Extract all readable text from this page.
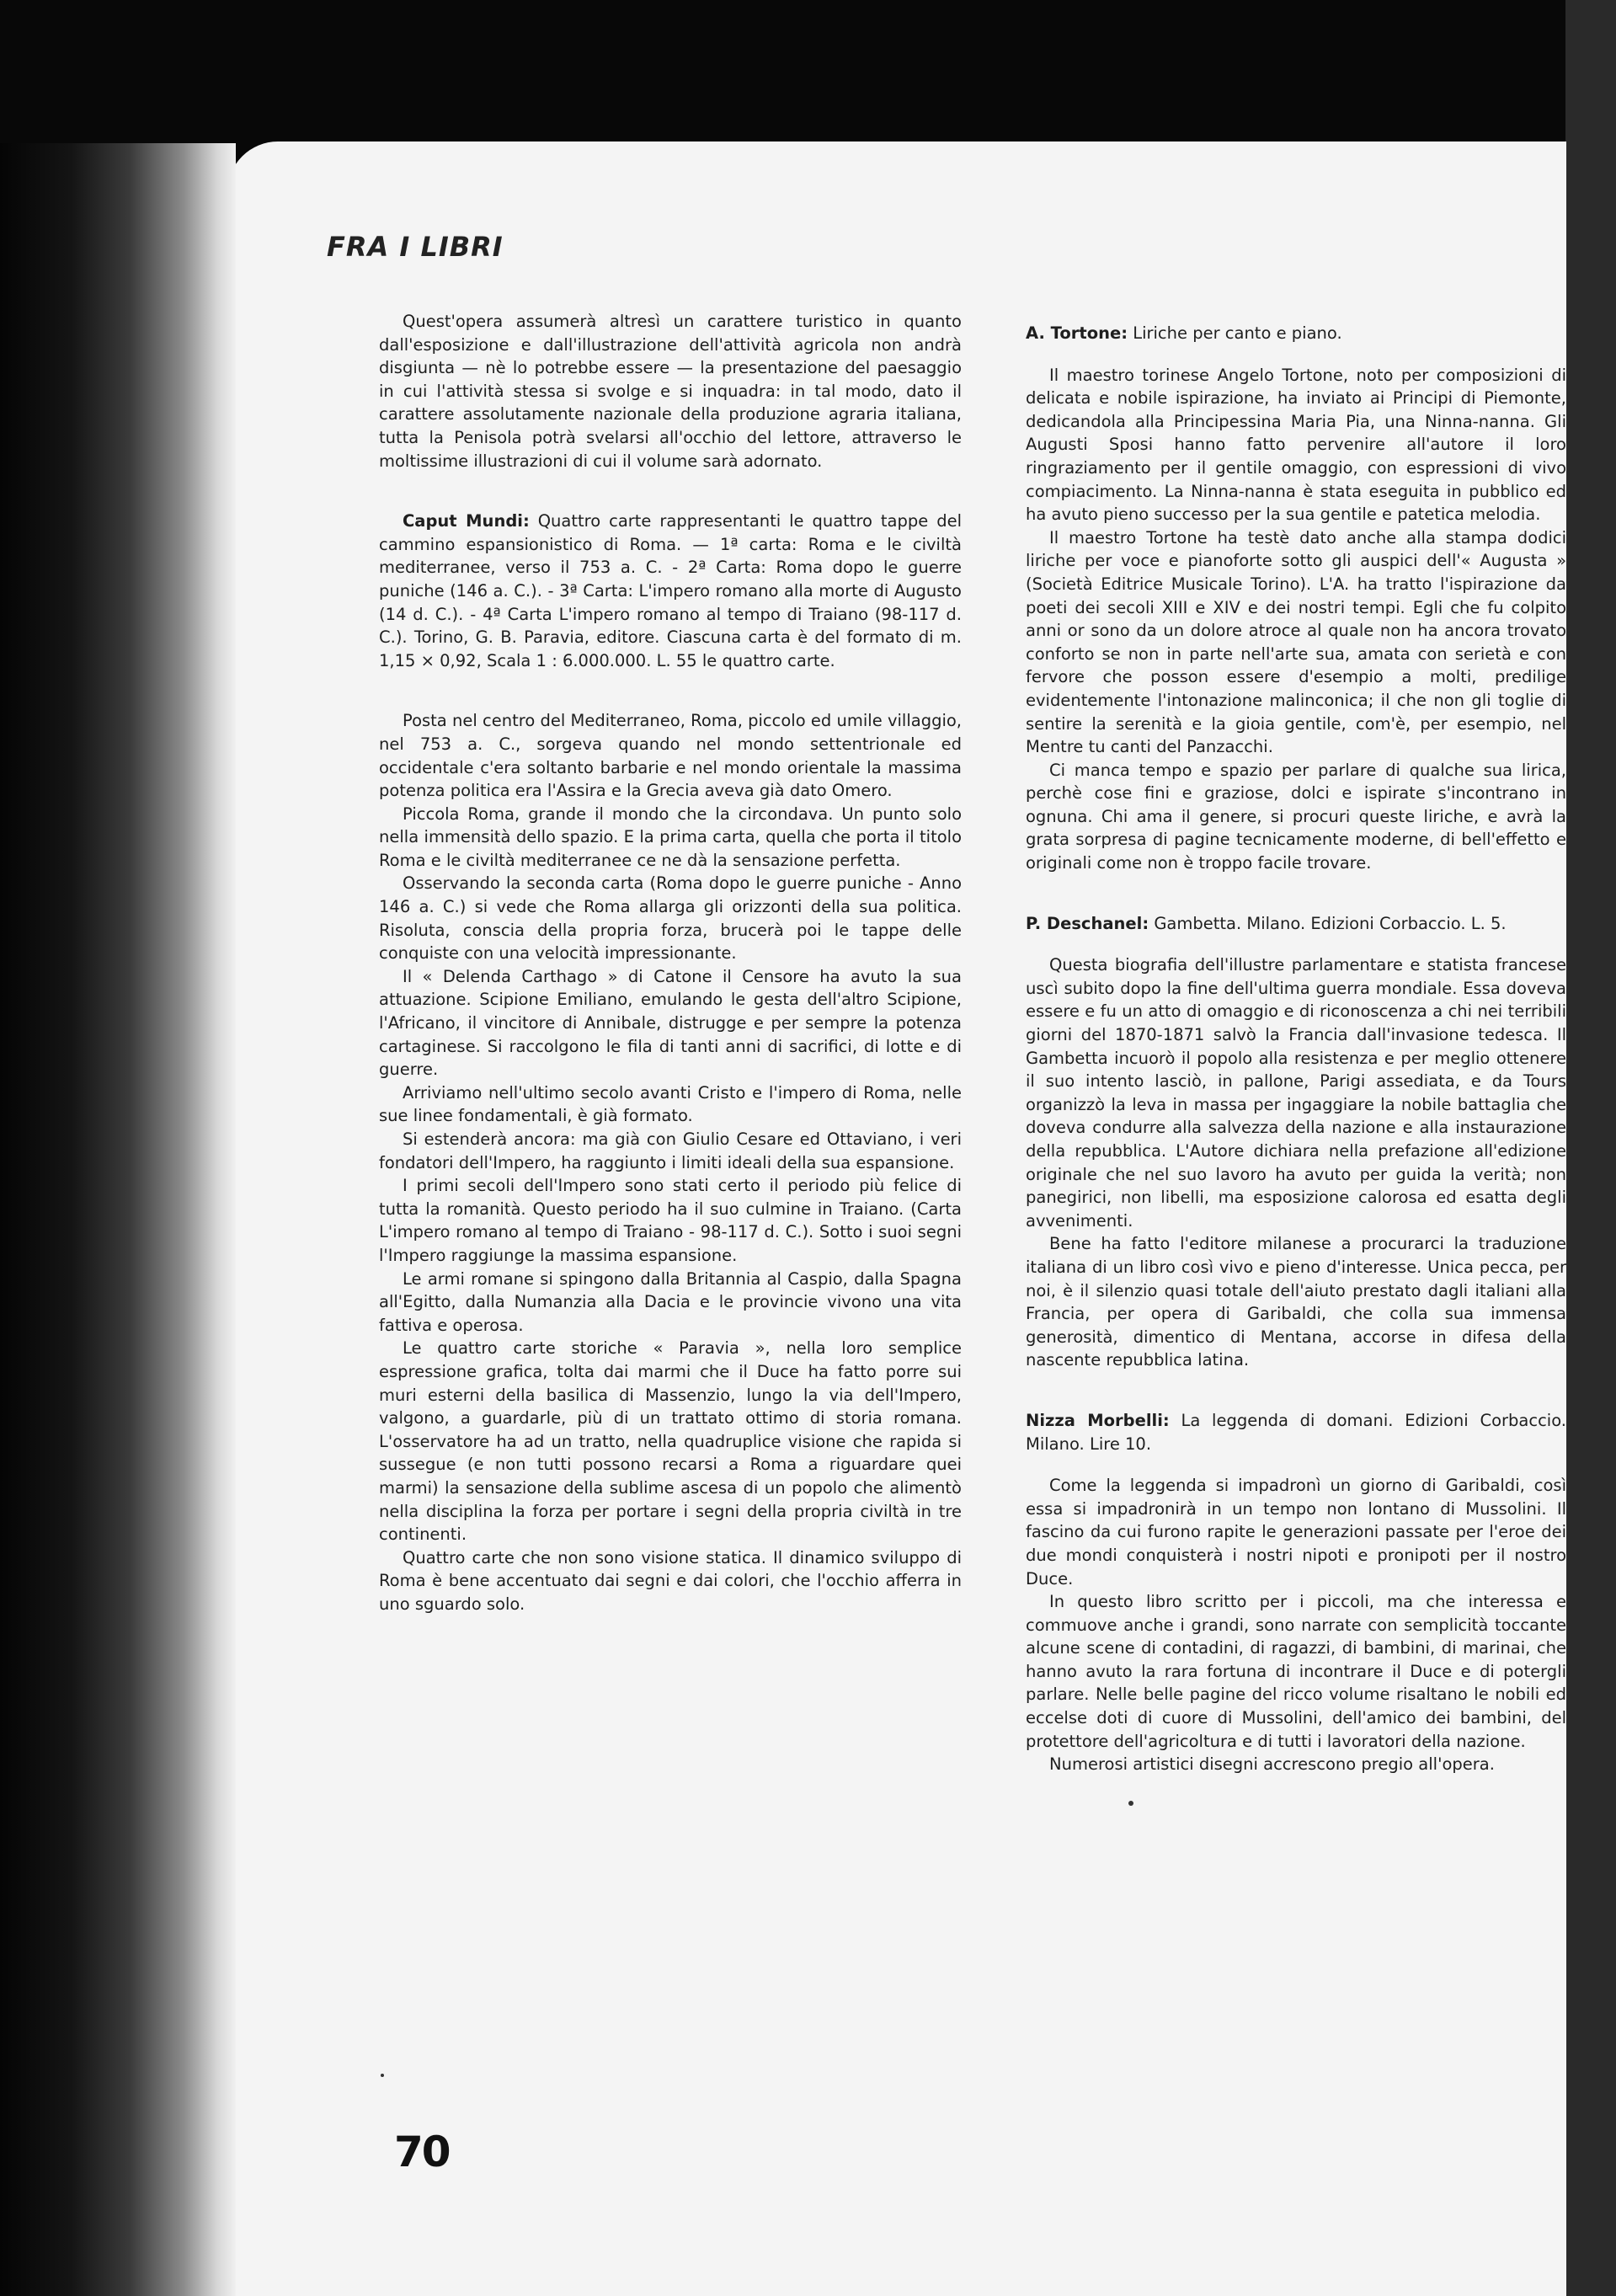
FRA I LIBRI

Quest'opera assumerà altresì un carattere turistico in quanto dall'esposizione e dall'illustrazione dell'attività agricola non andrà disgiunta — nè lo potrebbe essere — la presentazione del paesaggio in cui l'attività stessa si svolge e si inquadra: in tal modo, dato il carattere assolutamente nazionale della produzione agraria italiana, tutta la Penisola potrà svelarsi all'occhio del lettore, attraverso le moltissime illustrazioni di cui il volume sarà adornato.

Caput Mundi: Quattro carte rappresentanti le quattro tappe del cammino espansionistico di Roma. — 1ª carta: Roma e le civiltà mediterranee, verso il 753 a. C. - 2ª Carta: Roma dopo le guerre puniche (146 a. C.). - 3ª Carta: L'impero romano alla morte di Augusto (14 d. C.). - 4ª Carta L'impero romano al tempo di Traiano (98-117 d. C.). Torino, G. B. Paravia, editore. Ciascuna carta è del formato di m. 1,15 × 0,92, Scala 1 : 6.000.000. L. 55 le quattro carte.

Posta nel centro del Mediterraneo, Roma, piccolo ed umile villaggio, nel 753 a. C., sorgeva quando nel mondo settentrionale ed occidentale c'era soltanto barbarie e nel mondo orientale la massima potenza politica era l'Assira e la Grecia aveva già dato Omero.

Piccola Roma, grande il mondo che la circondava. Un punto solo nella immensità dello spazio. E la prima carta, quella che porta il titolo Roma e le civiltà mediterranee ce ne dà la sensazione perfetta.

Osservando la seconda carta (Roma dopo le guerre puniche - Anno 146 a. C.) si vede che Roma allarga gli orizzonti della sua politica. Risoluta, conscia della propria forza, brucerà poi le tappe delle conquiste con una velocità impressionante.

Il « Delenda Carthago » di Catone il Censore ha avuto la sua attuazione. Scipione Emiliano, emulando le gesta dell'altro Scipione, l'Africano, il vincitore di Annibale, distrugge e per sempre la potenza cartaginese. Si raccolgono le fila di tanti anni di sacrifici, di lotte e di guerre.

Arriviamo nell'ultimo secolo avanti Cristo e l'impero di Roma, nelle sue linee fondamentali, è già formato.

Si estenderà ancora: ma già con Giulio Cesare ed Ottaviano, i veri fondatori dell'Impero, ha raggiunto i limiti ideali della sua espansione.

I primi secoli dell'Impero sono stati certo il periodo più felice di tutta la romanità. Questo periodo ha il suo culmine in Traiano. (Carta L'impero romano al tempo di Traiano - 98-117 d. C.). Sotto i suoi segni l'Impero raggiunge la massima espansione.

Le armi romane si spingono dalla Britannia al Caspio, dalla Spagna all'Egitto, dalla Numanzia alla Dacia e le provincie vivono una vita fattiva e operosa.

Le quattro carte storiche « Paravia », nella loro semplice espressione grafica, tolta dai marmi che il Duce ha fatto porre sui muri esterni della basilica di Massenzio, lungo la via dell'Impero, valgono, a guardarle, più di un trattato ottimo di storia romana. L'osservatore ha ad un tratto, nella quadruplice visione che rapida si susseguе (e non tutti possono recarsi a Roma a riguardare quei marmi) la sensazione della sublime ascesa di un popolo che alimentò nella disciplina la forza per portare i segni della propria civiltà in tre continenti.

Quattro carte che non sono visione statica. Il dinamico sviluppo di Roma è bene accentuato dai segni e dai colori, che l'occhio afferra in uno sguardo solo.

A. Tortone: Liriche per canto e piano.

Il maestro torinese Angelo Tortone, noto per composizioni di delicata e nobile ispirazione, ha inviato ai Principi di Piemonte, dedicandola alla Principessina Maria Pia, una Ninna-nanna. Gli Augusti Sposi hanno fatto pervenire all'autore il loro ringraziamento per il gentile omaggio, con espressioni di vivo compiacimento. La Ninna-nanna è stata eseguita in pubblico ed ha avuto pieno successo per la sua gentile e patetica melodia.

Il maestro Tortone ha testè dato anche alla stampa dodici liriche per voce e pianoforte sotto gli auspici dell'« Augusta » (Società Editrice Musicale Torino). L'A. ha tratto l'ispirazione da poeti dei secoli XIII e XIV e dei nostri tempi. Egli che fu colpito anni or sono da un dolore atroce al quale non ha ancora trovato conforto se non in parte nell'arte sua, amata con serietà e con fervore che posson essere d'esempio a molti, predilige evidentemente l'intonazione malinconica; il che non gli toglie di sentire la serenità e la gioia gentile, com'è, per esempio, nel Mentre tu canti del Panzacchi.

Ci manca tempo e spazio per parlare di qualche sua lirica, perchè cose fini e graziose, dolci e ispirate s'incontrano in ognuna. Chi ama il genere, si procuri queste liriche, e avrà la grata sorpresa di pagine tecnicamente moderne, di bell'effetto e originali come non è troppo facile trovare.

P. Deschanel: Gambetta. Milano. Edizioni Corbaccio. L. 5.

Questa biografia dell'illustre parlamentare e statista francese uscì subito dopo la fine dell'ultima guerra mondiale. Essa doveva essere e fu un atto di omaggio e di riconoscenza a chi nei terribili giorni del 1870-1871 salvò la Francia dall'invasione tedesca. Il Gambetta incuorò il popolo alla resistenza e per meglio ottenere il suo intento lasciò, in pallone, Parigi assediata, e da Tours organizzò la leva in massa per ingaggiare la nobile battaglia che doveva condurre alla salvezza della nazione e alla instaurazione della repubblica. L'Autore dichiara nella prefazione all'edizione originale che nel suo lavoro ha avuto per guida la verità; non panegirici, non libelli, ma esposizione calorosa ed esatta degli avvenimenti.

Bene ha fatto l'editore milanese a procurarci la traduzione italiana di un libro così vivo e pieno d'interesse. Unica pecca, per noi, è il silenzio quasi totale dell'aiuto prestato dagli italiani alla Francia, per opera di Garibaldi, che colla sua immensa generosità, dimentico di Mentana, accorse in difesa della nascente repubblica latina.

Nizza Morbelli: La leggenda di domani. Edizioni Corbaccio. Milano. Lire 10.

Come la leggenda si impadronì un giorno di Garibaldi, così essa si impadronirà in un tempo non lontano di Mussolini. Il fascino da cui furono rapite le generazioni passate per l'eroe dei due mondi conquisterà i nostri nipoti e pronipoti per il nostro Duce.

In questo libro scritto per i piccoli, ma che interessa e commuove anche i grandi, sono narrate con semplicità toccante alcune scene di contadini, di ragazzi, di bambini, di marinai, che hanno avuto la rara fortuna di incontrare il Duce e di potergli parlare. Nelle belle pagine del ricco volume risaltano le nobili ed eccelse doti di cuore di Mussolini, dell'amico dei bambini, del protettore dell'agricoltura e di tutti i lavoratori della nazione.

Numerosi artistici disegni accrescono pregio all'opera.

70
